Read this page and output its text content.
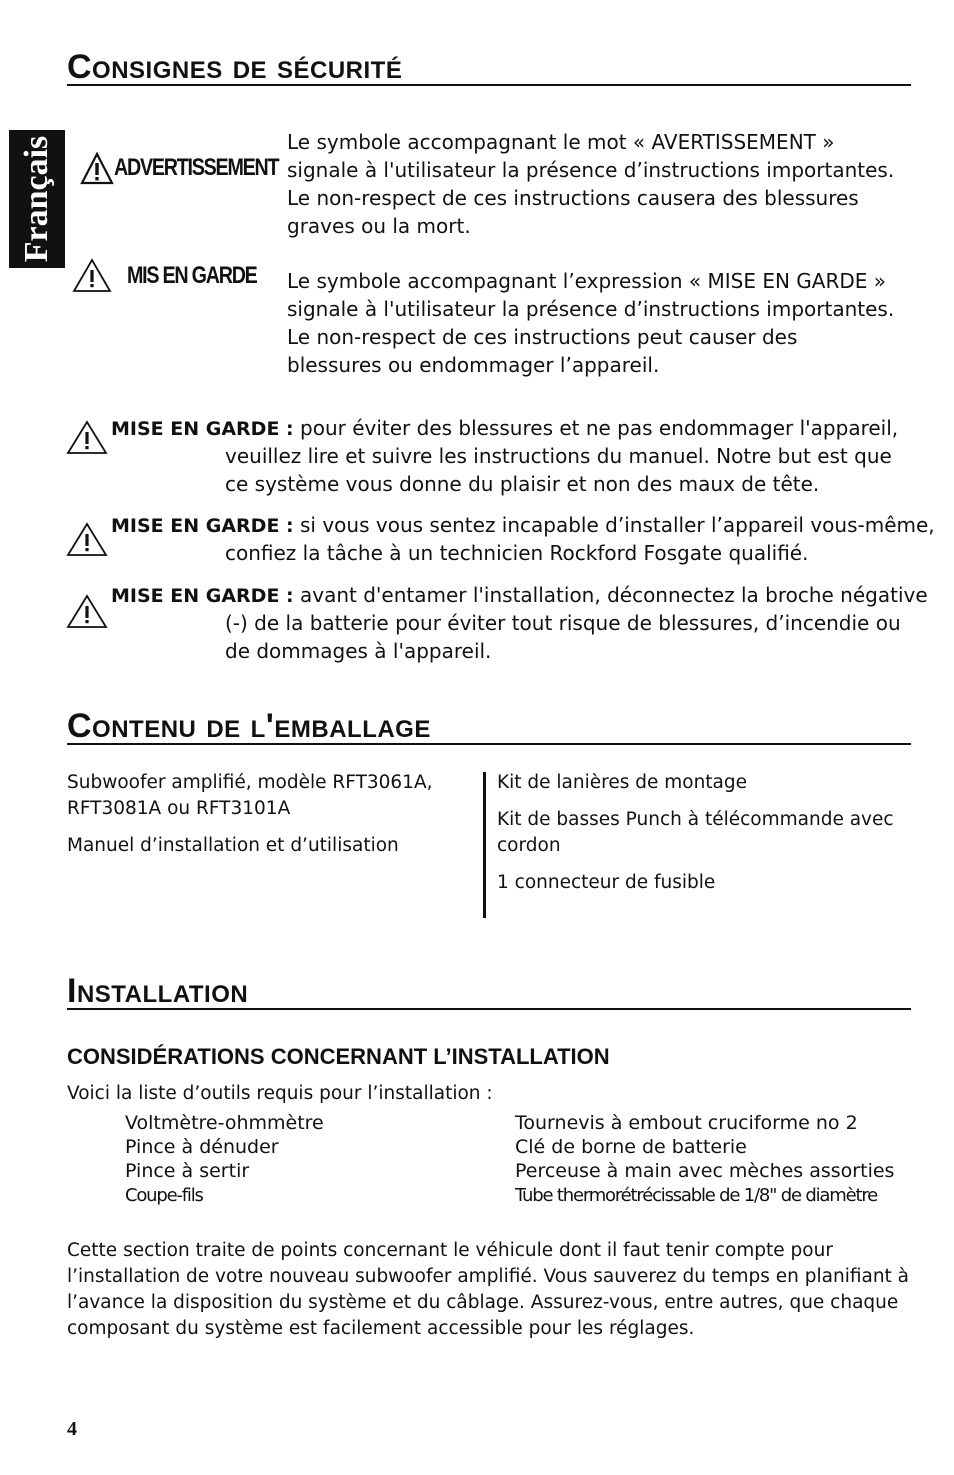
Français
Consignes de sécurité
ADVERTISSEMENT
Le symbole accompagnant le mot « AVERTISSEMENT » signale à l'utilisateur la présence d’instructions importantes. Le non-respect de ces instructions causera des blessures graves ou la mort.
MIS EN GARDE Le symbole accompagnant l’expression « MISE EN GARDE » signale à l'utilisateur la présence d’instructions importantes. Le non-respect de ces instructions peut causer des blessures ou endommager l’appareil.
MISE EN GARDE : pour éviter des blessures et ne pas endommager l'appareil,
veuillez lire et suivre les instructions du manuel. Notre but est que ce système vous donne du plaisir et non des maux de tête.
MISE EN GARDE : si vous vous sentez incapable d’installer l’appareil vous-même,
confiez la tâche à un technicien Rockford Fosgate qualifié.
MISE EN GARDE : avant d'entamer l'installation, déconnectez la broche négative
(-) de la batterie pour éviter tout risque de blessures, d’incendie ou de dommages à l'appareil.
Contenu de l'emballage
Subwoofer amplifié, modèle RFT3061A, RFT3081A ou RFT3101A
Manuel d’installation et d’utilisation
Kit de lanières de montage
Kit de basses Punch à télécommande avec cordon
1 connecteur de fusible
Installation
CONSIDÉRATIONS CONCERNANT L’INSTALLATION
Voici la liste d’outils requis pour l’installation :
Voltmètre-ohmmètre
Pince à dénuder
Pince à sertir
Coupe-fils
Tournevis à embout cruciforme no 2
Clé de borne de batterie
Perceuse à main avec mèches assorties
Tube thermorétrécissable de 1/8" de diamètre
Cette section traite de points concernant le véhicule dont il faut tenir compte pour l’installation de votre nouveau subwoofer amplifié. Vous sauverez du temps en planifiant à l’avance la disposition du système et du câblage. Assurez-vous, entre autres, que chaque composant du système est facilement accessible pour les réglages.
4
